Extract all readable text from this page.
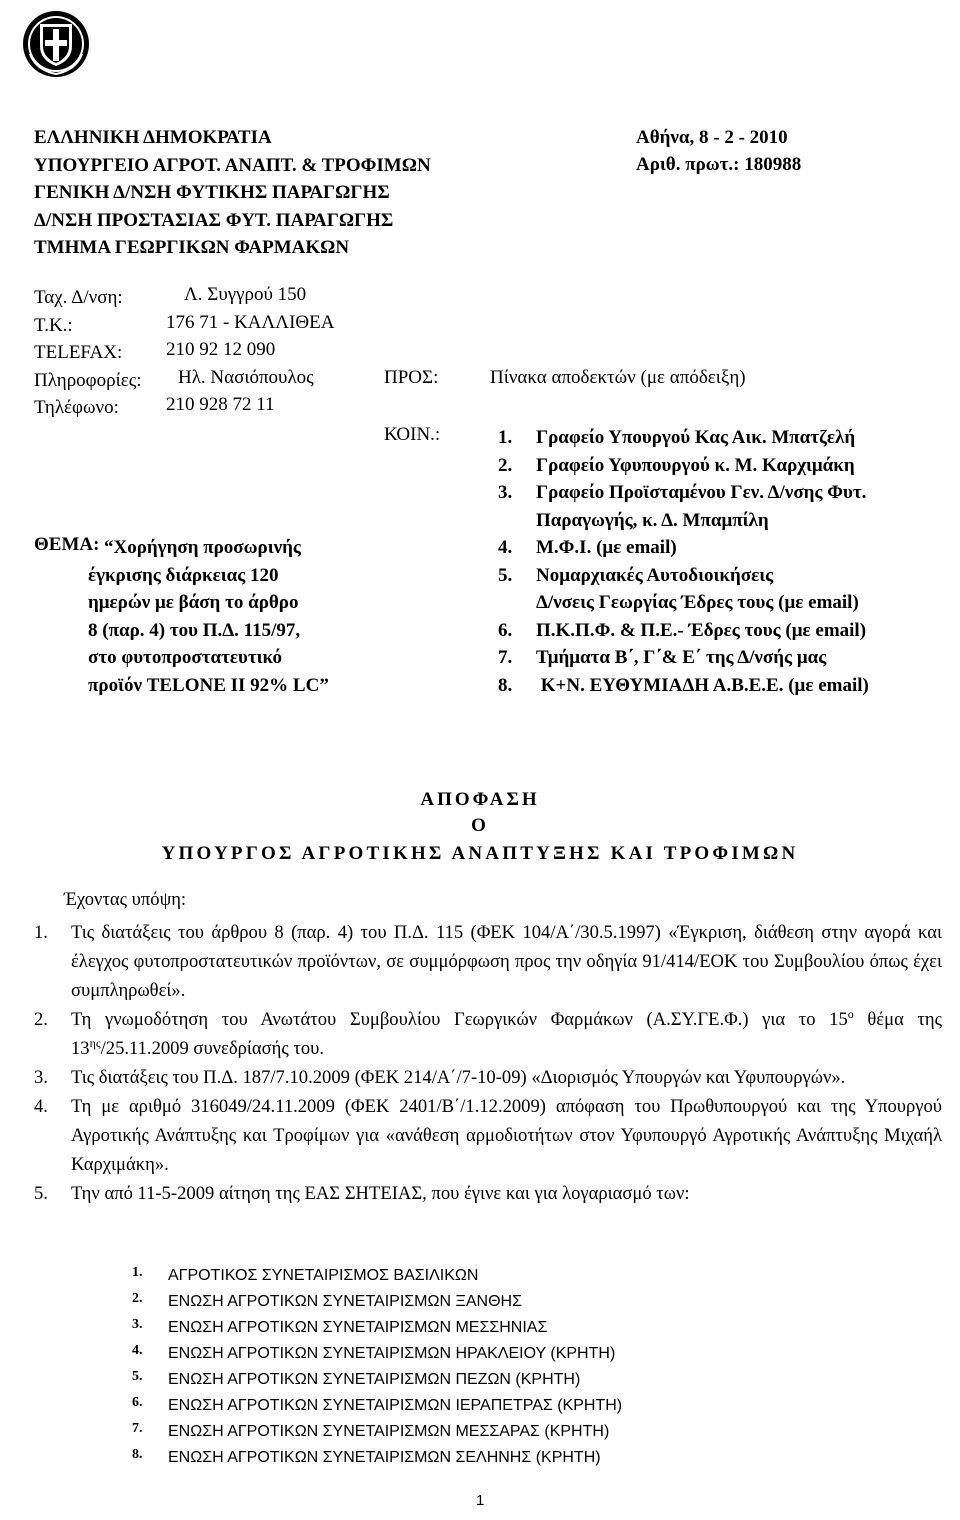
ΕΛΛΗΝΙΚΗ ΔΗΜΟΚΡΑΤΙΑ
ΥΠΟΥΡΓΕΙΟ ΑΓΡΟΤ. ΑΝΑΠΤ. & ΤΡΟΦΙΜΩΝ
ΓΕΝΙΚΗ Δ/ΝΣΗ ΦΥΤΙΚΗΣ ΠΑΡΑΓΩΓΗΣ
Δ/ΝΣΗ ΠΡΟΣΤΑΣΙΑΣ ΦΥΤ. ΠΑΡΑΓΩΓΗΣ
ΤΜΗΜΑ ΓΕΩΡΓΙΚΩΝ ΦΑΡΜΑΚΩΝ
Αθήνα, 8 - 2 - 2010
Αριθ. πρωτ.: 180988
Ταχ. Δ/νση:
Τ.Κ.:
TELEFAX:
Πληροφορίες:
Τηλέφωνο:
Λ. Συγγρού 150
176 71 - ΚΑΛΛΙΘΕΑ
210 92 12 090
Ηλ. Νασιόπουλος
210 928 72 11
ΠΡΟΣ:	Πίνακα αποδεκτών (με απόδειξη)
ΚΟΙΝ.:	1. Γραφείο Υπουργού Κας Αικ. Μπατζελή
2. Γραφείο Υφυπουργού κ. Μ. Καρχιμάκη
3. Γραφείο Προϊσταμένου Γεν. Δ/νσης Φυτ.
Παραγωγής, κ. Δ. Μπαμπίλη
4. Μ.Φ.Ι. (με email)
5. Νομαρχιακές Αυτοδιοικήσεις
Δ/νσεις Γεωργίας Έδρες τους (με email)
6. Π.Κ.Π.Φ. & Π.Ε.- Έδρες τους (με email)
7. Τμήματα Β΄, Γ΄& Ε΄ της Δ/νσής μας
8. Κ+Ν. ΕΥΘΥΜΙΑΔΗ Α.Β.Ε.Ε. (με email)
ΘΕΜΑ: “Χορήγηση προσωρινής
έγκρισης διάρκειας 120
ημερών με βάση το άρθρο
8 (παρ. 4) του Π.Δ. 115/97,
στο φυτοπροστατευτικό
προϊόν TELONE II 92% LC”
ΑΠΟΦΑΣΗ
Ο
ΥΠΟΥΡΓΟΣ ΑΓΡΟΤΙΚΗΣ ΑΝΑΠΤΥΞΗΣ ΚΑΙ ΤΡΟΦΙΜΩΝ
Έχοντας υπόψη:
1. Τις διατάξεις του άρθρου 8 (παρ. 4) του Π.Δ. 115 (ΦΕΚ 104/Α΄/30.5.1997) «Έγκριση, διάθεση στην αγορά και έλεγχος φυτοπροστατευτικών προϊόντων, σε συμμόρφωση προς την οδηγία 91/414/ΕΟΚ του Συμβουλίου όπως έχει συμπληρωθεί».
2. Τη γνωμοδότηση του Ανωτάτου Συμβουλίου Γεωργικών Φαρμάκων (Α.ΣΥ.ΓΕ.Φ.) για το $15^o$ θέμα της $13^{\eta\varsigma}/25.11.2009$ συνεδρίασής του.
3. Τις διατάξεις του Π.Δ. 187/7.10.2009 (ΦΕΚ 214/Α΄/7-10-09) «Διορισμός Υπουργών και Υφυπουργών».
4. Τη με αριθμό 316049/24.11.2009 (ΦΕΚ 2401/Β΄/1.12.2009) απόφαση του Πρωθυπουργού και της Υπουργού Αγροτικής Ανάπτυξης και Τροφίμων για «ανάθεση αρμοδιοτήτων στον Υφυπουργό Αγροτικής Ανάπτυξης Μιχαήλ Καρχιμάκη».
5. Την από 11-5-2009 αίτηση της ΕΑΣ ΣΗΤΕΙΑΣ, που έγινε και για λογαριασμό των:
1. ΑΓΡΟΤΙΚΟΣ ΣΥΝΕΤΑΙΡΙΣΜΟΣ ΒΑΣΙΛΙΚΩΝ
2. ΕΝΩΣΗ ΑΓΡΟΤΙΚΩΝ ΣΥΝΕΤΑΙΡΙΣΜΩΝ ΞΑΝΘΗΣ
3. ΕΝΩΣΗ ΑΓΡΟΤΙΚΩΝ ΣΥΝΕΤΑΙΡΙΣΜΩΝ ΜΕΣΣΗΝΙΑΣ
4. ΕΝΩΣΗ ΑΓΡΟΤΙΚΩΝ ΣΥΝΕΤΑΙΡΙΣΜΩΝ ΗΡΑΚΛΕΙΟΥ (ΚΡΗΤΗ)
5. ΕΝΩΣΗ ΑΓΡΟΤΙΚΩΝ ΣΥΝΕΤΑΙΡΙΣΜΩΝ ΠΕΖΩΝ (ΚΡΗΤΗ)
6. ΕΝΩΣΗ ΑΓΡΟΤΙΚΩΝ ΣΥΝΕΤΑΙΡΙΣΜΩΝ ΙΕΡΑΠΕΤΡΑΣ (ΚΡΗΤΗ)
7. ΕΝΩΣΗ ΑΓΡΟΤΙΚΩΝ ΣΥΝΕΤΑΙΡΙΣΜΩΝ ΜΕΣΣΑΡΑΣ (ΚΡΗΤΗ)
8. ΕΝΩΣΗ ΑΓΡΟΤΙΚΩΝ ΣΥΝΕΤΑΙΡΙΣΜΩΝ ΣΕΛΗΝΗΣ (ΚΡΗΤΗ)
1
